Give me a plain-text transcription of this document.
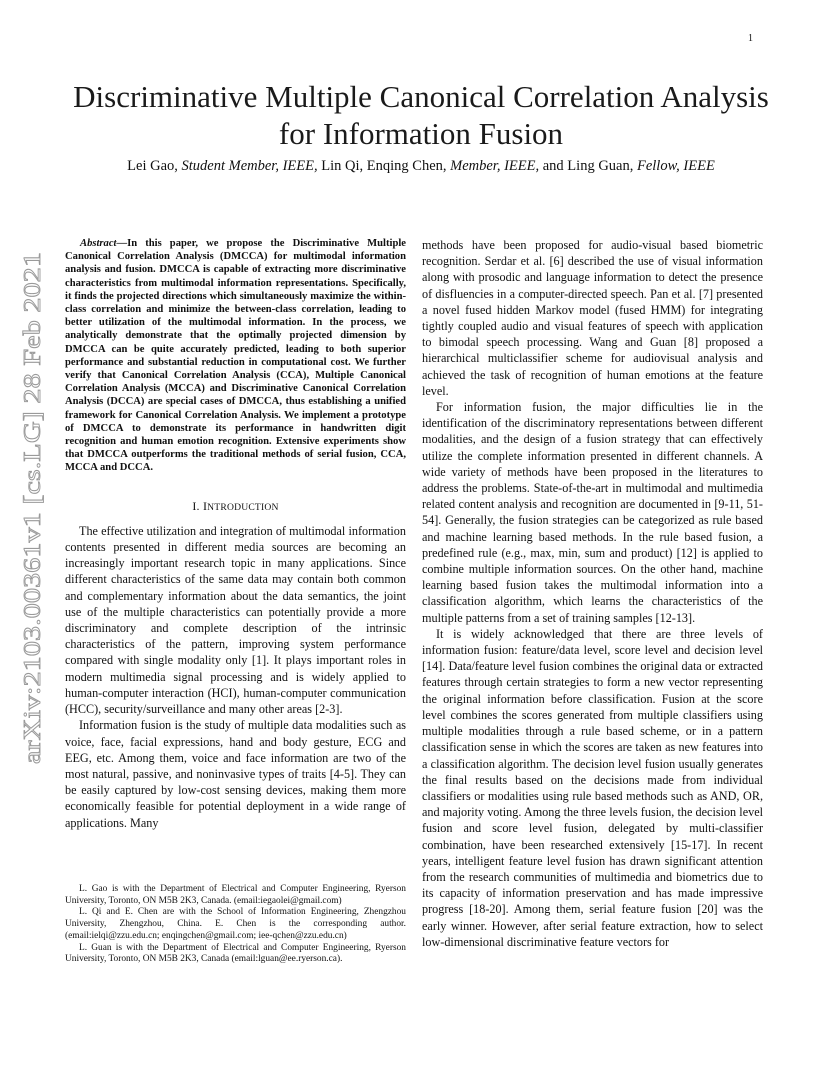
1
Discriminative Multiple Canonical Correlation Analysis for Information Fusion
Lei Gao, Student Member, IEEE, Lin Qi, Enqing Chen, Member, IEEE, and Ling Guan, Fellow, IEEE
arXiv:2103.00361v1 [cs.LG] 28 Feb 2021

Abstract—In this paper, we propose the Discriminative Multiple Canonical Correlation Analysis (DMCCA) for multimodal information analysis and fusion. DMCCA is capable of extracting more discriminative characteristics from multimodal information representations. Specifically, it finds the projected directions which simultaneously maximize the within-class correlation and minimize the between-class correlation, leading to better utilization of the multimodal information. In the process, we analytically demonstrate that the optimally projected dimension by DMCCA can be quite accurately predicted, leading to both superior performance and substantial reduction in computational cost. We further verify that Canonical Correlation Analysis (CCA), Multiple Canonical Correlation Analysis (MCCA) and Discriminative Canonical Correlation Analysis (DCCA) are special cases of DMCCA, thus establishing a unified framework for Canonical Correlation Analysis. We implement a prototype of DMCCA to demonstrate its performance in handwritten digit recognition and human emotion recognition. Extensive experiments show that DMCCA outperforms the traditional methods of serial fusion, CCA, MCCA and DCCA.

I. INTRODUCTION

The effective utilization and integration of multimodal information contents presented in different media sources are becoming an increasingly important research topic in many applications. Since different characteristics of the same data may contain both common and complementary information about the data semantics, the joint use of the multiple characteristics can potentially provide a more discriminatory and complete description of the intrinsic characteristics of the pattern, improving system performance compared with single modality only [1]. It plays important roles in modern multimedia signal processing and is widely applied to human-computer interaction (HCI), human-computer communication (HCC), security/surveillance and many other areas [2-3].

Information fusion is the study of multiple data modalities such as voice, face, facial expressions, hand and body gesture, ECG and EEG, etc. Among them, voice and face information are two of the most natural, passive, and noninvasive types of traits [4-5]. They can be easily captured by low-cost sensing devices, making them more economically feasible for potential deployment in a wide range of applications. Many

L. Gao is with the Department of Electrical and Computer Engineering, Ryerson University, Toronto, ON M5B 2K3, Canada. (email:iegaolei@gmail.com)

L. Qi and E. Chen are with the School of Information Engineering, Zhengzhou University, Zhengzhou, China. E. Chen is the corresponding author. (email:ielqi@zzu.edu.cn; enqingchen@gmail.com; iee-qchen@zzu.edu.cn)

L. Guan is with the Department of Electrical and Computer Engineering, Ryerson University, Toronto, ON M5B 2K3, Canada (email:lguan@ee.ryerson.ca).

methods have been proposed for audio-visual based biometric recognition. Serdar et al. [6] described the use of visual information along with prosodic and language information to detect the presence of disfluencies in a computer-directed speech. Pan et al. [7] presented a novel fused hidden Markov model (fused HMM) for integrating tightly coupled audio and visual features of speech with application to bimodal speech processing. Wang and Guan [8] proposed a hierarchical multiclassifier scheme for audiovisual analysis and achieved the task of recognition of human emotions at the feature level.

For information fusion, the major difficulties lie in the identification of the discriminatory representations between different modalities, and the design of a fusion strategy that can effectively utilize the complete information presented in different channels. A wide variety of methods have been proposed in the literatures to address the problems. State-of-the-art in multimodal and multimedia related content analysis and recognition are documented in [9-11, 51-54]. Generally, the fusion strategies can be categorized as rule based and machine learning based methods. In the rule based fusion, a predefined rule (e.g., max, min, sum and product) [12] is applied to combine multiple information sources. On the other hand, machine learning based fusion takes the multimodal information into a classification algorithm, which learns the characteristics of the multiple patterns from a set of training samples [12-13].

It is widely acknowledged that there are three levels of information fusion: feature/data level, score level and decision level [14]. Data/feature level fusion combines the original data or extracted features through certain strategies to form a new vector representing the original information before classification. Fusion at the score level combines the scores generated from multiple classifiers using multiple modalities through a rule based scheme, or in a pattern classification sense in which the scores are taken as new features into a classification algorithm. The decision level fusion usually generates the final results based on the decisions made from individual classifiers or modalities using rule based methods such as AND, OR, and majority voting. Among the three levels fusion, the decision level fusion and score level fusion, delegated by multi-classifier combination, have been researched extensively [15-17]. In recent years, intelligent feature level fusion has drawn significant attention from the research communities of multimedia and biometrics due to its capacity of information preservation and has made impressive progress [18-20]. Among them, serial feature fusion [20] was the early winner. However, after serial feature extraction, how to select low-dimensional discriminative feature vectors for
